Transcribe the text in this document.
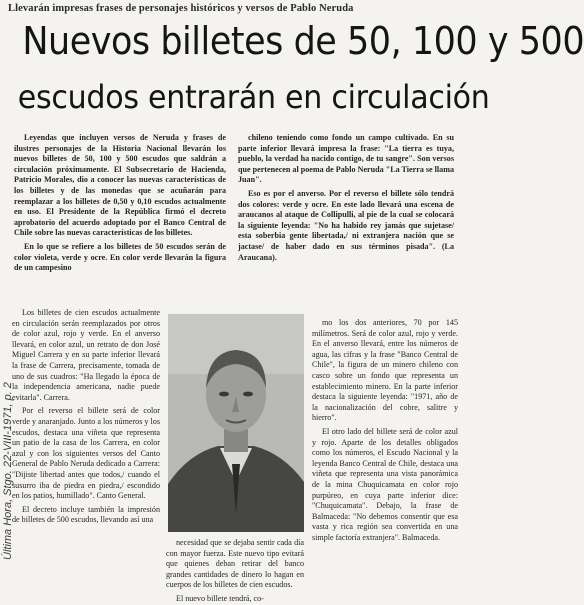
Llevarán impresas frases de personajes históricos y versos de Pablo Neruda
Nuevos billetes de 50, 100 y 500
escudos entrarán en circulación

Leyendas que incluyen versos de Neruda y frases de ilustres personajes de la Historia Nacional llevarán los nuevos billetes de 50, 100 y 500 escudos que saldrán a circulación próximamente. El Subsecretario de Hacienda, Patricio Morales, dio a conocer las nuevas características de los billetes y de las monedas que se acuñarán para reemplazar a los billetes de 0,50 y 0,10 escudos actualmente en uso. El Presidente de la República firmó el decreto aprobatorio del acuerdo adoptado por el Banco Central de Chile sobre las nuevas características de los billetes.

En lo que se refiere a los billetes de 50 escudos serán de color violeta, verde y ocre. En color verde llevarán la figura de un campesino

chileno teniendo como fondo un campo cultivado. En su parte inferior llevará impresa la frase: "La tierra es tuya, pueblo, la verdad ha nacido contigo, de tu sangre". Son versos que pertenecen al poema de Pablo Neruda "La Tierra se llama Juan".

Eso es por el anverso. Por el reverso el billete sólo tendrá dos colores: verde y ocre. En este lado llevará una escena de araucanos al ataque de Collipulli, al pie de la cual se colocará la siguiente leyenda: "No ha habido rey jamás que sujetase/ esta soberbia gente libertada,/ ni extranjera nación que se jactase/ de haber dado en sus términos pisada". (La Araucana).

Los billetes de cien escudos actualmente en circulación serán reemplazados por otros de color azul, rojo y verde. En el anverso llevará, en color azul, un retrato de don José Miguel Carrera y en su parte inferior llevará la frase de Carrera, precisamente, tomada de uno de sus cuadros: "Ha llegado la época de la independencia americana, nadie puede evitarla". Carrera.

Por el reverso el billete será de color verde y anaranjado. Junto a los números y los escudos, destaca una viñeta que representa un patio de la casa de los Carrera, en color azul y con los siguientes versos del Canto General de Pablo Neruda dedicado a Carrera: "Dijiste libertad antes que todos,/ cuando el susurro iba de piedra en piedra,/ escondido en los patios, humillado". Canto General.

El decreto incluye también la impresión de billetes de 500 escudos, llevando así una

necesidad que se dejaba sentir cada día con mayor fuerza. Este nuevo tipo evitará que quienes deban retirar del banco grandes cantidades de dinero lo hagan en cuerpos de los billetes de cien escudos.

El nuevo billete tendrá, co-

mo los dos anteriores, 70 por 145 milímetros. Será de color azul, rojo y verde. En el anverso llevará, entre los números de agua, las cifras y la frase "Banco Central de Chile", la figura de un minero chileno con casco sobre un fondo que representa un establecimiento minero. En la parte inferior destaca la siguiente leyenda: "1971, año de la nacionalización del cobre, salitre y hierro".

El otro lado del billete será de color azul y rojo. Aparte de los detalles obligados como los números, el Escudo Nacional y la leyenda Banco Central de Chile, destaca una viñeta que representa una vista panorámica de la mina Chuquicamata en color rojo purpúreo, en cuya parte inferior dice: "Chuquicamata". Debajo, la frase de Balmaceda: "No debemos consentir que esa vasta y rica región sea convertida en una simple factoría extranjera". Balmaceda.

Última Hora, Stgo. 22-VIII-1971, p. 2
